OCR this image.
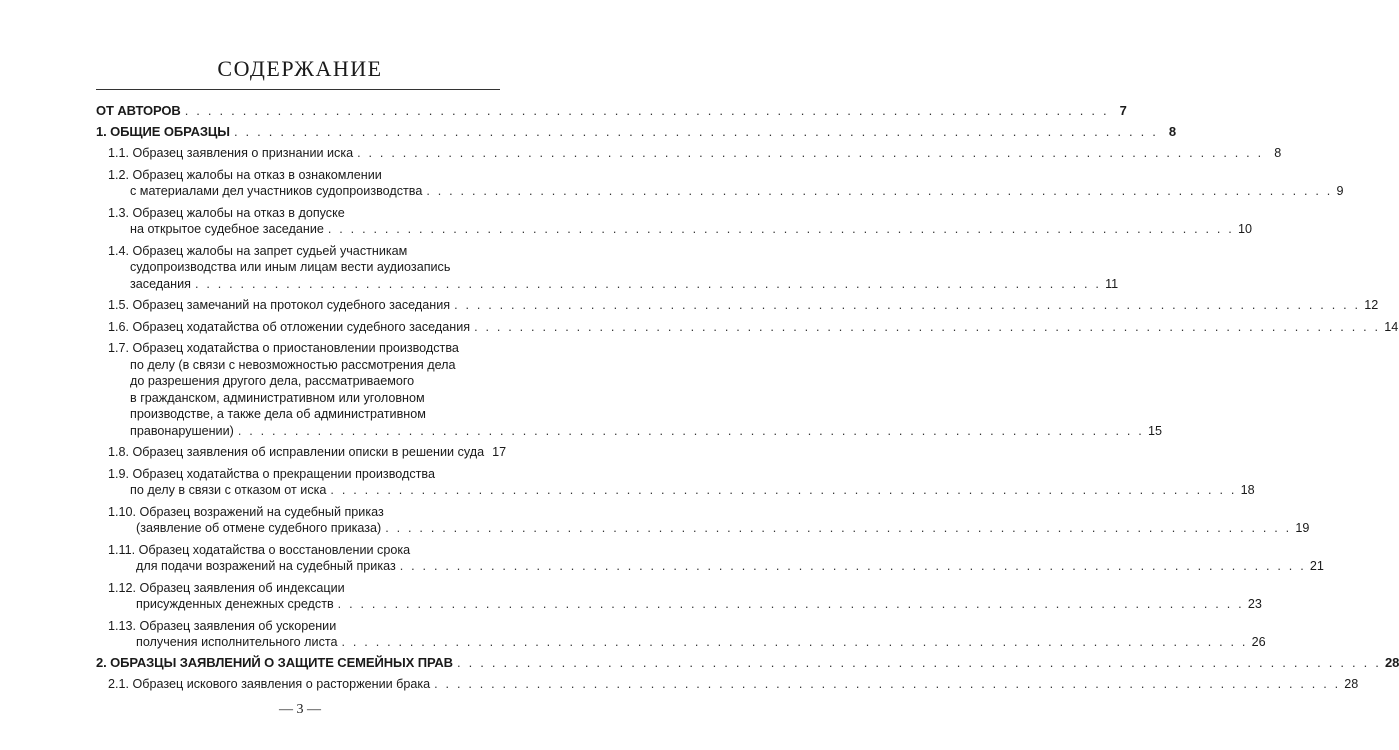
СОДЕРЖАНИЕ
ОТ АВТОРОВ . . . . . . . . . . . . . . . . . . . . . . . . . . . . . . . . . . . . . . . . . . . . . . . . . . . . . . . . . . . . . . . . . . . . . . . . . . . . . . . . 7
1. ОБЩИЕ ОБРАЗЦЫ . . . . . . . . . . . . . . . . . . . . . . . . . . . . . . . . . . . . . . . . . . . . . . . . . . . . . . . . . . . . . . . . . . . . . . . . . . . . . . . . 8
1.1. Образец заявления о признании иска . . . . . . . . . . . . . . . . . . . . . . . . . . . . . . . . . . . . . . . . . . . . . . . . . . . . . . . . . . . . . . . . . . . . . . . . . . . . . . . . 8
1.2. Образец жалобы на отказ в ознакомлении
с материалами дел участников судопроизводства . . . . . . . . . . . . . . . . . . . . . . . . . . . . . . . . . . . . . . . . . . . . . . . . . . . . . . . . . . . . . . . . . . . . . . . . . . . . . . . . 9
1.3. Образец жалобы на отказ в допуске
на открытое судебное заседание . . . . . . . . . . . . . . . . . . . . . . . . . . . . . . . . . . . . . . . . . . . . . . . . . . . . . . . . . . . . . . . . . . . . . . . . . . . . . . . . 10
1.4. Образец жалобы на запрет судьей участникам
судопроизводства или иным лицам вести аудиозапись
заседания . . . . . . . . . . . . . . . . . . . . . . . . . . . . . . . . . . . . . . . . . . . . . . . . . . . . . . . . . . . . . . . . . . . . . . . . . . . . . . . . 11
1.5. Образец замечаний на протокол судебного заседания . . . . . . . . . . . . . . . . . . . . . . . . . . . . . . . . . . . . . . . . . . . . . . . . . . . . . . . . . . . . . . . . . . . . . . . . . . . . . . . . 12
1.6. Образец ходатайства об отложении судебного заседания . . . . . . . . . . . . . . . . . . . . . . . . . . . . . . . . . . . . . . . . . . . . . . . . . . . . . . . . . . . . . . . . . . . . . . . . . . . . . . . . 14
1.7. Образец ходатайства о приостановлении производства
по делу (в связи с невозможностью рассмотрения дела
до разрешения другого дела, рассматриваемого
в гражданском, административном или уголовном
производстве, а также дела об административном
правонарушении) . . . . . . . . . . . . . . . . . . . . . . . . . . . . . . . . . . . . . . . . . . . . . . . . . . . . . . . . . . . . . . . . . . . . . . . . . . . . . . . . 15
1.8. Образец заявления об исправлении описки в решении суда 17
1.9. Образец ходатайства о прекращении производства
по делу в связи с отказом от иска . . . . . . . . . . . . . . . . . . . . . . . . . . . . . . . . . . . . . . . . . . . . . . . . . . . . . . . . . . . . . . . . . . . . . . . . . . . . . . . . 18
1.10. Образец возражений на судебный приказ
(заявление об отмене судебного приказа) . . . . . . . . . . . . . . . . . . . . . . . . . . . . . . . . . . . . . . . . . . . . . . . . . . . . . . . . . . . . . . . . . . . . . . . . . . . . . . . . 19
1.11. Образец ходатайства о восстановлении срока
для подачи возражений на судебный приказ . . . . . . . . . . . . . . . . . . . . . . . . . . . . . . . . . . . . . . . . . . . . . . . . . . . . . . . . . . . . . . . . . . . . . . . . . . . . . . . . 21
1.12. Образец заявления об индексации
присужденных денежных средств . . . . . . . . . . . . . . . . . . . . . . . . . . . . . . . . . . . . . . . . . . . . . . . . . . . . . . . . . . . . . . . . . . . . . . . . . . . . . . . . 23
1.13. Образец заявления об ускорении
получения исполнительного листа . . . . . . . . . . . . . . . . . . . . . . . . . . . . . . . . . . . . . . . . . . . . . . . . . . . . . . . . . . . . . . . . . . . . . . . . . . . . . . . . 26
2. ОБРАЗЦЫ ЗАЯВЛЕНИЙ О ЗАЩИТЕ СЕМЕЙНЫХ ПРАВ . . . . . . . . . . . . . . . . . . . . . . . . . . . . . . . . . . . . . . . . . . . . . . . . . . . . . . . . . . . . . . . . . . . . . . . . . . . . . . . . 28
2.1. Образец искового заявления о расторжении брака . . . . . . . . . . . . . . . . . . . . . . . . . . . . . . . . . . . . . . . . . . . . . . . . . . . . . . . . . . . . . . . . . . . . . . . . . . . . . . . . 28
— 3 —
